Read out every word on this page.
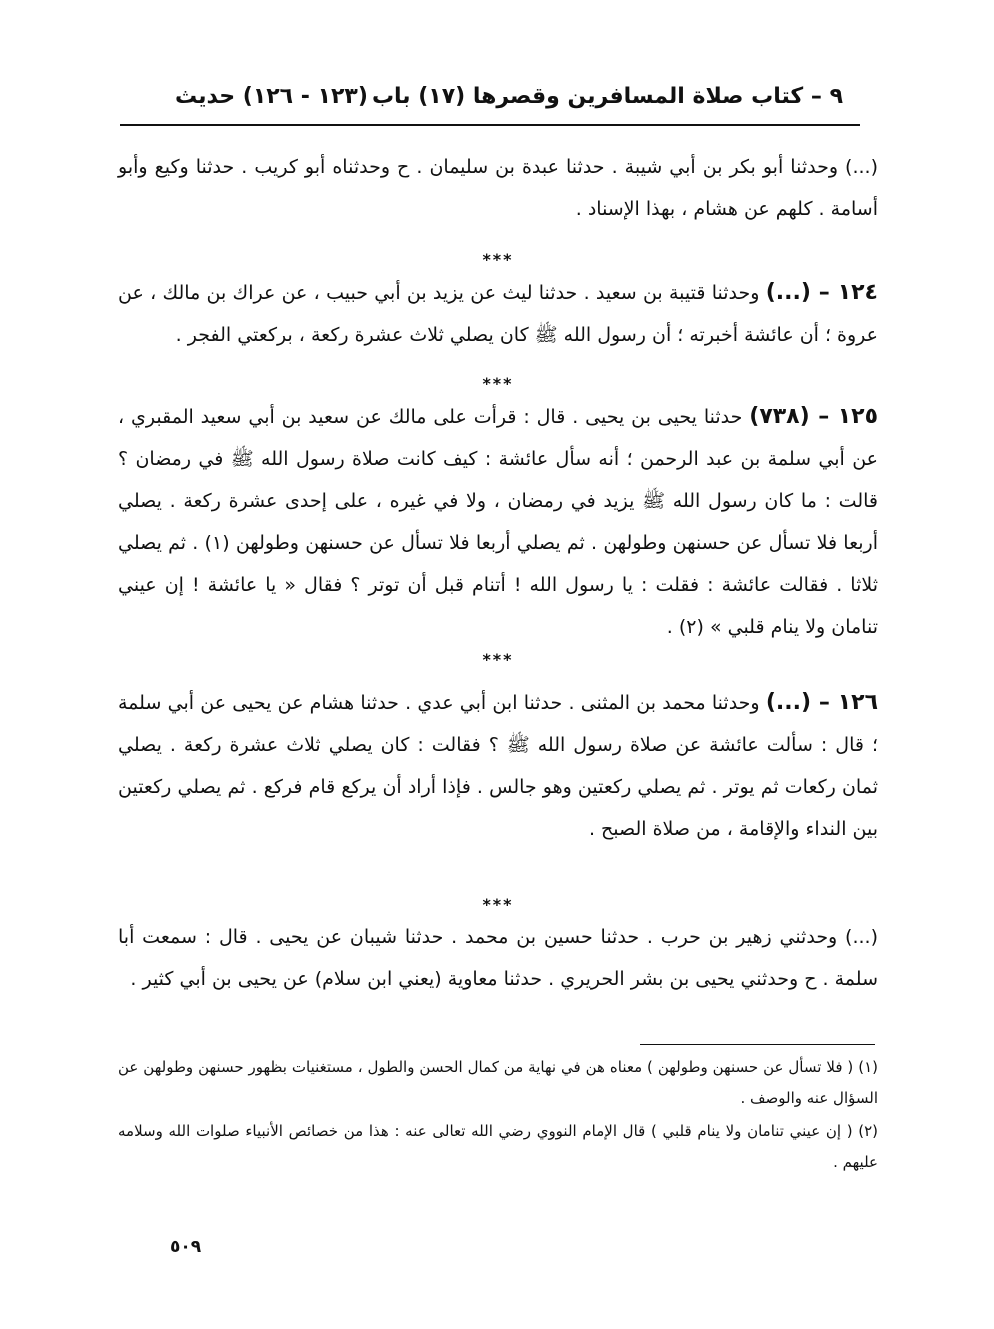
٩ – كتاب صلاة المسافرين وقصرها (١٧) باب
(١٢٣ - ١٢٦) حديث
(...) وحدثنا أبو بكر بن أبي شيبة . حدثنا عبدة بن سليمان . ح وحدثناه أبو كريب . حدثنا وكيع وأبو أسامة . كلهم عن هشام ، بهذا الإسناد .
***
١٢٤ – (...) وحدثنا قتيبة بن سعيد . حدثنا ليث عن يزيد بن أبي حبيب ، عن عراك بن مالك ، عن عروة ؛ أن عائشة أخبرته ؛ أن رسول الله ﷺ كان يصلي ثلاث عشرة ركعة ، بركعتي الفجر .
***
١٢٥ – (٧٣٨) حدثنا يحيى بن يحيى . قال : قرأت على مالك عن سعيد بن أبي سعيد المقبري ، عن أبي سلمة بن عبد الرحمن ؛ أنه سأل عائشة : كيف كانت صلاة رسول الله ﷺ في رمضان ؟ قالت : ما كان رسول الله ﷺ يزيد في رمضان ، ولا في غيره ، على إحدى عشرة ركعة . يصلي أربعا فلا تسأل عن حسنهن وطولهن . ثم يصلي أربعا فلا تسأل عن حسنهن وطولهن (١) . ثم يصلي ثلاثا . فقالت عائشة : فقلت : يا رسول الله ! أتنام قبل أن توتر ؟ فقال « يا عائشة ! إن عيني تنامان ولا ينام قلبي » (٢) .
***
١٢٦ – (...) وحدثنا محمد بن المثنى . حدثنا ابن أبي عدي . حدثنا هشام عن يحيى عن أبي سلمة ؛ قال : سألت عائشة عن صلاة رسول الله ﷺ ؟ فقالت : كان يصلي ثلاث عشرة ركعة . يصلي ثمان ركعات ثم يوتر . ثم يصلي ركعتين وهو جالس . فإذا أراد أن يركع قام فركع . ثم يصلي ركعتين بين النداء والإقامة ، من صلاة الصبح .
***
(...) وحدثني زهير بن حرب . حدثنا حسين بن محمد . حدثنا شيبان عن يحيى . قال : سمعت أبا سلمة . ح وحدثني يحيى بن بشر الحريري . حدثنا معاوية (يعني ابن سلام) عن يحيى بن أبي كثير .

(١) ( فلا تسأل عن حسنهن وطولهن ) معناه هن في نهاية من كمال الحسن والطول ، مستغنيات بظهور حسنهن وطولهن عن السؤال عنه والوصف .

(٢) ( إن عيني تنامان ولا ينام قلبي ) قال الإمام النووي رضي الله تعالى عنه : هذا من خصائص الأنبياء صلوات الله وسلامه عليهم .

٥٠٩
